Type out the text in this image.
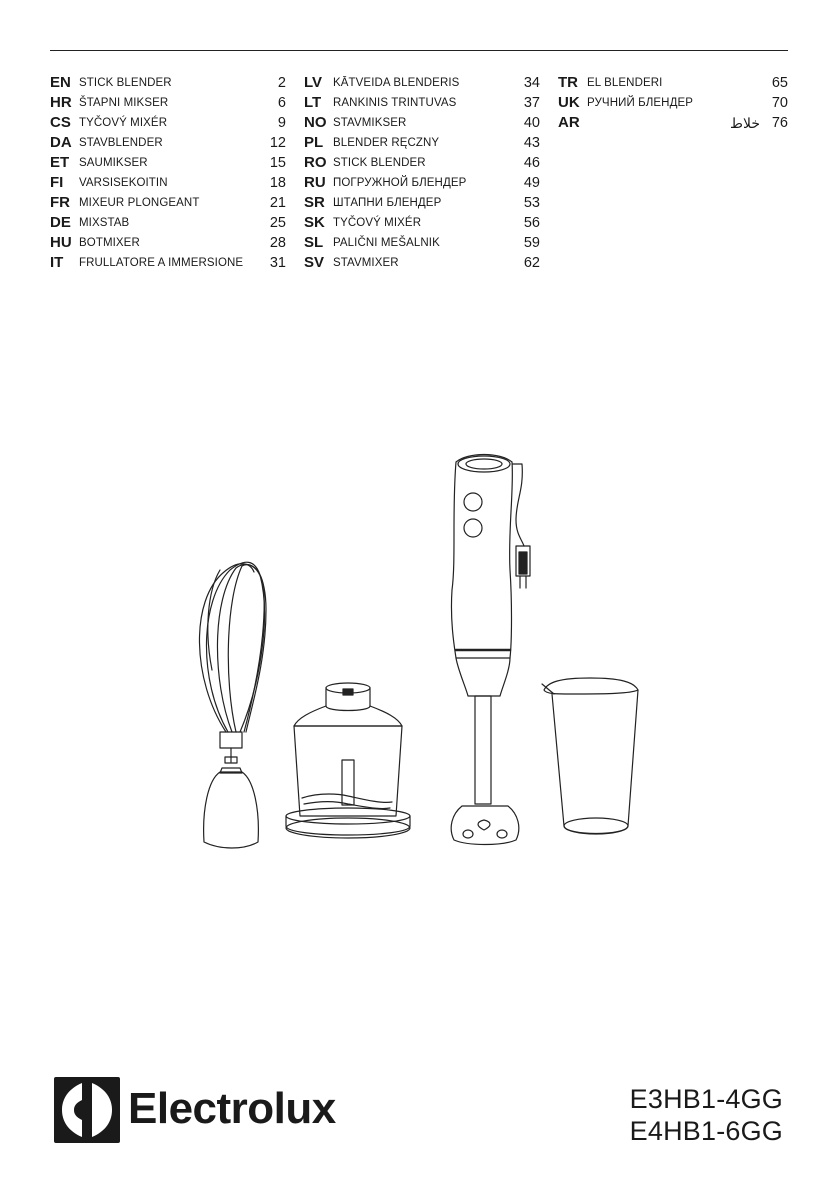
EN STICK BLENDER	2
HR ŠTAPNI MIKSER	6
CS TYČOVÝ MIXÉR	9
DA STAVBLENDER	12
ET SAUMIKSER	15
FI VARSISEKOITIN	18
FR MIXEUR PLONGEANT	21
DE MIXSTAB	25
HU BOTMIXER	28
IT FRULLATORE A IMMERSIONE 31
LV KĀTVEIDA BLENDERIS	34
LT RANKINIS TRINTUVAS	37
NO STAVMIKSER	40
PL BLENDER RĘCZNY	43
RO STICK BLENDER	46
RU ПОГРУЖНОЙ БЛЕНДЕР	49
SR ШТАПНИ БЛЕНДЕР	53
SK TYČOVÝ MIXÉR	56
SL PALIČNI MEŠALNIK	59
SV STAVMIXER	62
TR EL BLENDERI	65
UK РУЧНИЙ БЛЕНДЕР	70
AR	خلاط 76
Electrolux	E3HB1-4GG
E4HB1-6GG
